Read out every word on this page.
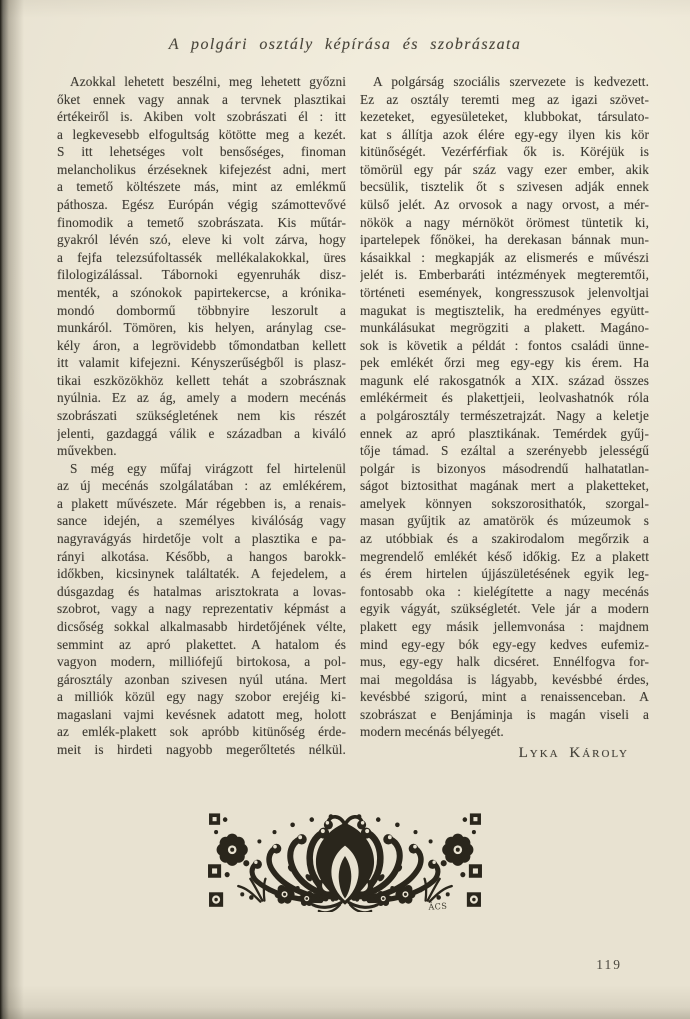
A polgári osztály képírása és szobrászata
Azokkal lehetett beszélni, meg lehetett győzni
őket ennek vagy annak a tervnek plasztikai
értékeiről is. Akiben volt szobrászati él : itt
a legkevesebb elfogultság kötötte meg a kezét.
S itt lehetséges volt bensőséges, finoman
melancholikus érzéseknek kifejezést adni, mert
a temető költészete más, mint az emlékmű
páthosza. Egész Európán végig számottevővé
finomodik a temető szobrászata. Kis műtár-
gyakról lévén szó, eleve ki volt zárva, hogy
a fejfa telezsúfoltassék mellékalakokkal, üres
filologizálással. Tábornoki egyenruhák disz-
menték, a szónokok papirtekercse, a krónika-
mondó dombormű többnyire leszorult a
munkáról. Tömören, kis helyen, aránylag cse-
kély áron, a legrövidebb tőmondatban kellett
itt valamit kifejezni. Kényszerűségből is plasz-
tikai eszközökhöz kellett tehát a szobrásznak
nyúlnia. Ez az ág, amely a modern mecénás
szobrászati szükségletének nem kis részét
jelenti, gazdaggá válik e században a kiváló
művekben.
S még egy műfaj virágzott fel hirtelenül
az új mecénás szolgálatában : az emlékérem,
a plakett művészete. Már régebben is, a renais-
sance idején, a személyes kiválóság vagy
nagyravágyás hirdetője volt a plasztika e pa-
rányi alkotása. Később, a hangos barokk-
időkben, kicsinynek találtaték. A fejedelem, a
dúsgazdag és hatalmas arisztokrata a lovas-
szobrot, vagy a nagy reprezentativ képmást a
dicsőség sokkal alkalmasabb hirdetőjének vélte,
semmint az apró plakettet. A hatalom és
vagyon modern, milliófejű birtokosa, a pol-
gárosztály azonban szivesen nyúl utána. Mert
a milliók közül egy nagy szobor erejéig ki-
magaslani vajmi kevésnek adatott meg, holott
az emlék-plakett sok apróbb kitünőség érde-
meit is hirdeti nagyobb megerőltetés nélkül.
A polgárság szociális szervezete is kedvezett.
Ez az osztály teremti meg az igazi szövet-
kezeteket, egyesületeket, klubbokat, társulato-
kat s állítja azok élére egy-egy ilyen kis kör
kitünőségét. Vezérférfiak ők is. Köréjük is
tömörül egy pár száz vagy ezer ember, akik
becsülik, tisztelik őt s szivesen adják ennek
külső jelét. Az orvosok a nagy orvost, a mér-
nökök a nagy mérnököt örömest tüntetik ki,
ipartelepek főnökei, ha derekasan bánnak mun-
kásaikkal : megkapják az elismerés e művészi
jelét is. Emberbaráti intézmények megteremtői,
történeti események, kongresszusok jelenvoltjai
magukat is megtisztelik, ha eredményes együtt-
munkálásukat megrögziti a plakett. Magáno-
sok is követik a példát : fontos családi ünne-
pek emlékét őrzi meg egy-egy kis érem. Ha
magunk elé rakosgatnók a XIX. század összes
emlékérmeit és plakettjeii, leolvashatnók róla
a polgárosztály természetrajzát. Nagy a keletje
ennek az apró plasztikának. Temérdek gyűj-
tője támad. S ezáltal a szerényebb jelességű
polgár is bizonyos másodrendű halhatatlan-
ságot biztosithat magának mert a plaketteket,
amelyek könnyen sokszorosithatók, szorgal-
masan gyűjtik az amatörök és múzeumok s
az utóbbiak és a szakirodalom megőrzik a
megrendelő emlékét késő időkig. Ez a plakett
és érem hirtelen újjászületésének egyik leg-
fontosabb oka : kielégítette a nagy mecénás
egyik vágyát, szükségletét. Vele jár a modern
plakett egy másik jellemvonása : majdnem
mind egy-egy bók egy-egy kedves eufemiz-
mus, egy-egy halk dicséret. Ennélfogva for-
mai megoldása is lágyabb, kevésbbé érdes,
kevésbbé szigorú, mint a renaissenceban. A
szobrászat e Benjáminja is magán viseli a
modern mecénás bélyegét.
Lyka Károly
ÁCS
119
